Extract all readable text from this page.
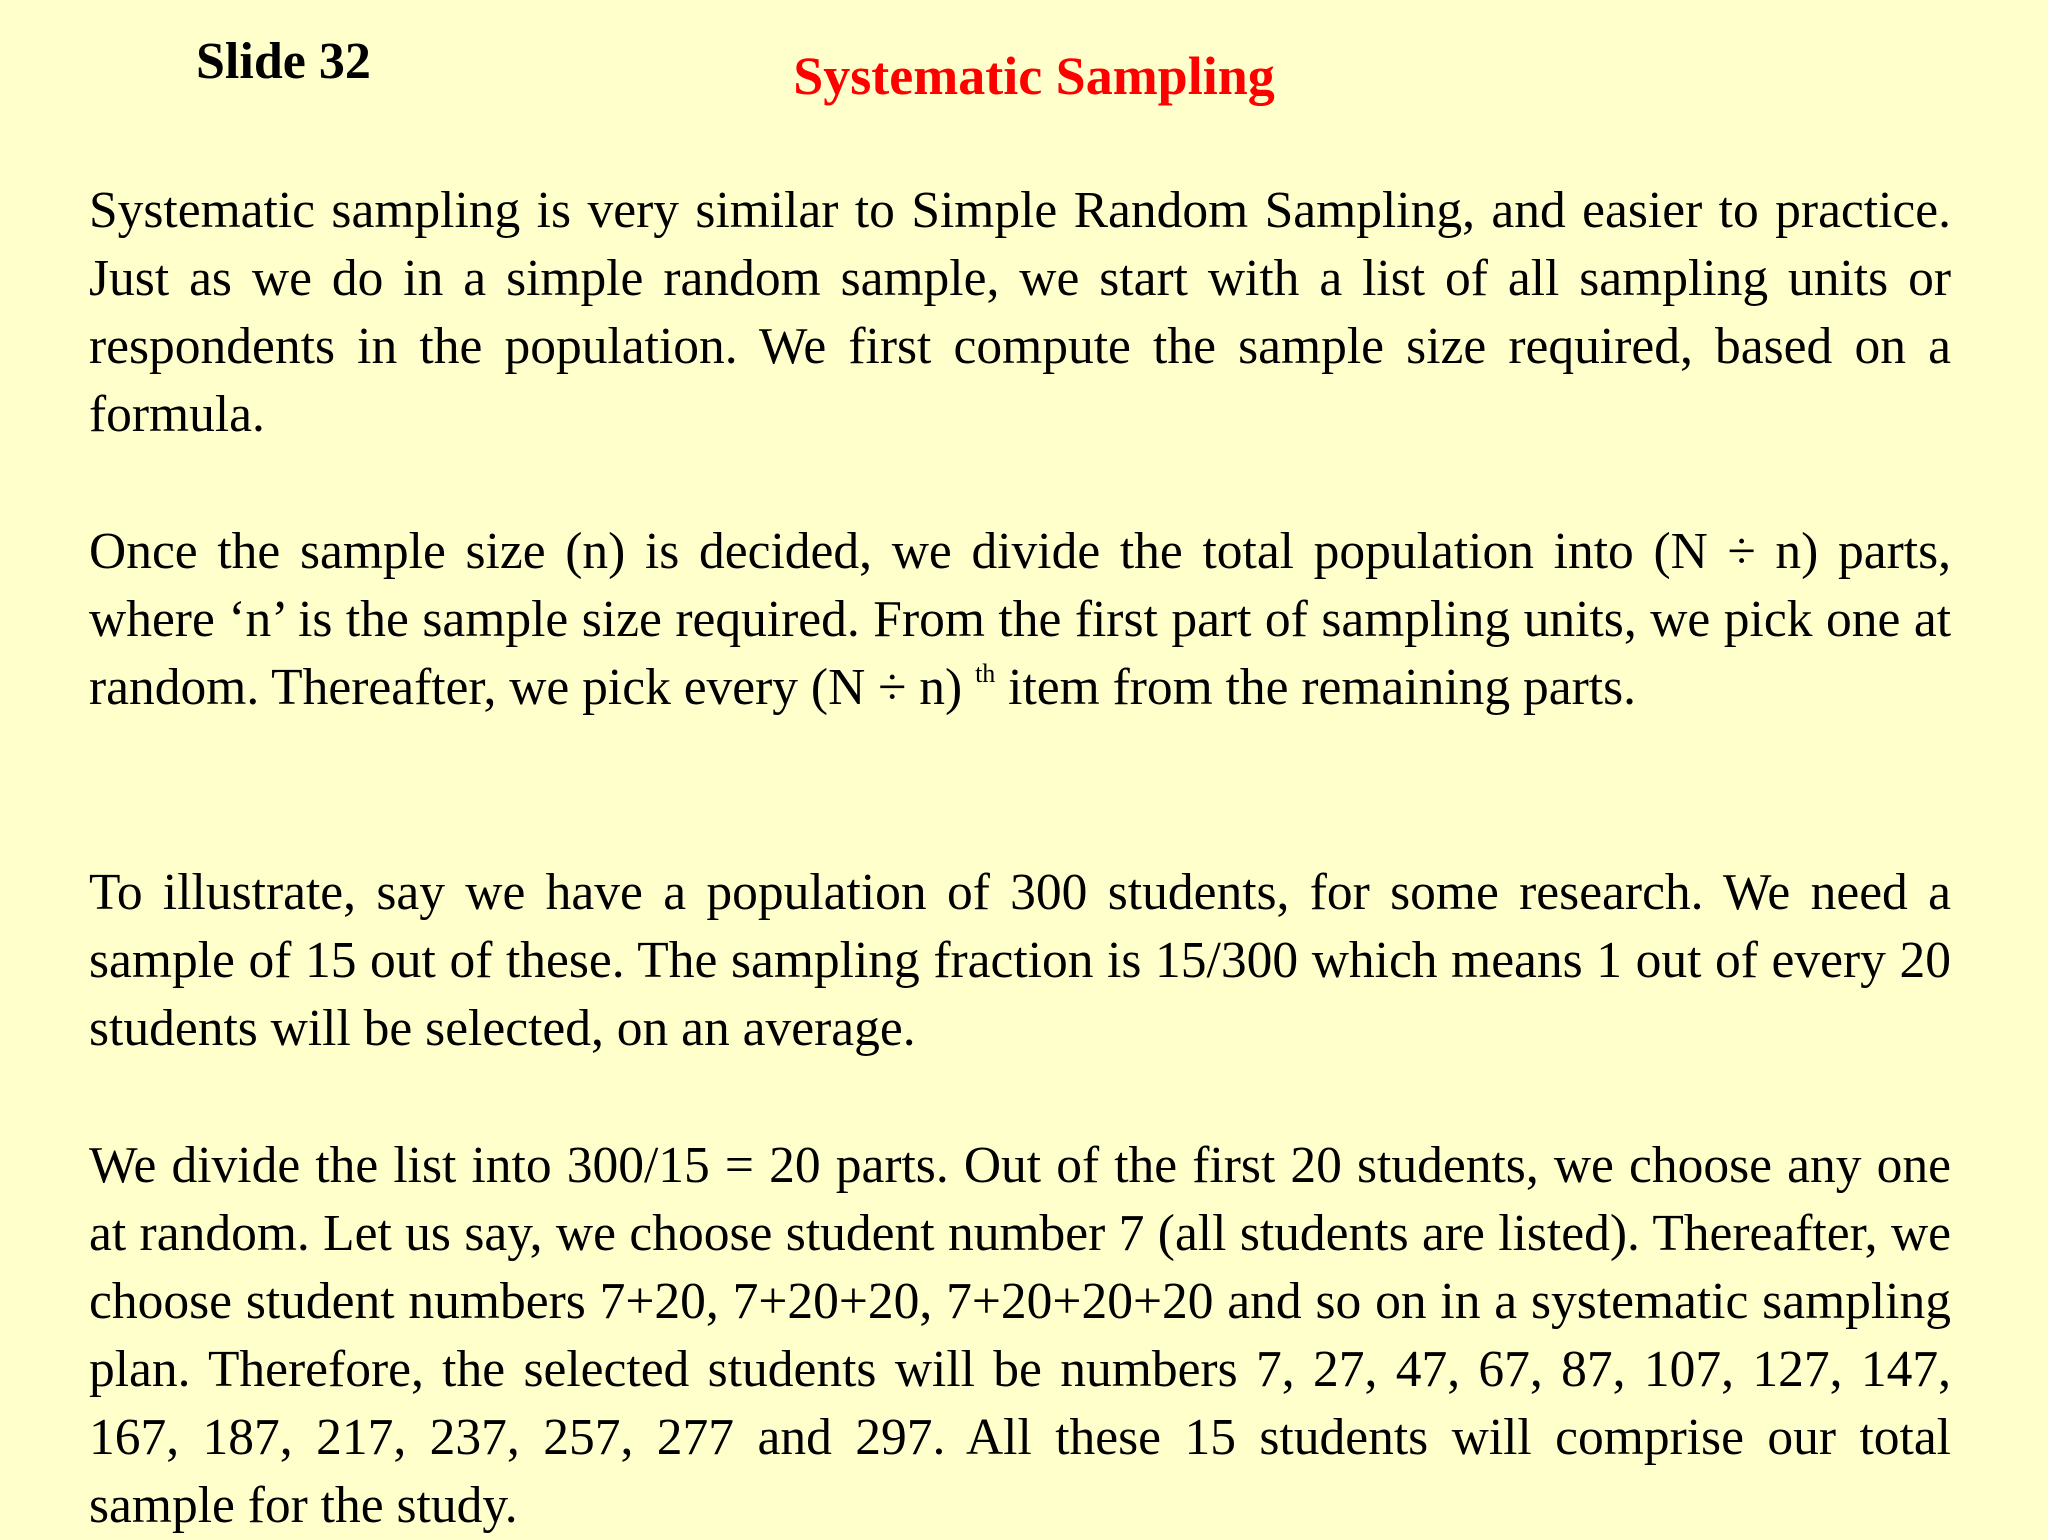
Slide 32	Systematic Sampling

Systematic sampling is very similar to Simple Random Sampling, and easier to practice. Just as we do in a simple random sample, we start with a list of all sampling units or respondents in the population. We first compute the sample size required, based on a formula.

Once the sample size (n) is decided, we divide the total population into (N ÷ n) parts, where ‘n’ is the sample size required. From the first part of sampling units, we pick one at random. Thereafter, we pick every (N ÷ n) $^{th}$ item from the remaining parts.

To illustrate, say we have a population of 300 students, for some research. We need a sample of 15 out of these. The sampling fraction is 15/300 which means 1 out of every 20 students will be selected, on an average.

We divide the list into 300/15 = 20 parts. Out of the first 20 students, we choose any one at random. Let us say, we choose student number 7 (all students are listed). Thereafter, we choose student numbers 7+20, 7+20+20, 7+20+20+20 and so on in a systematic sampling plan. Therefore, the selected students will be numbers 7, 27, 47, 67, 87, 107, 127, 147, 167, 187, 217, 237, 257, 277 and 297. All these 15 students will comprise our total sample for the study.
